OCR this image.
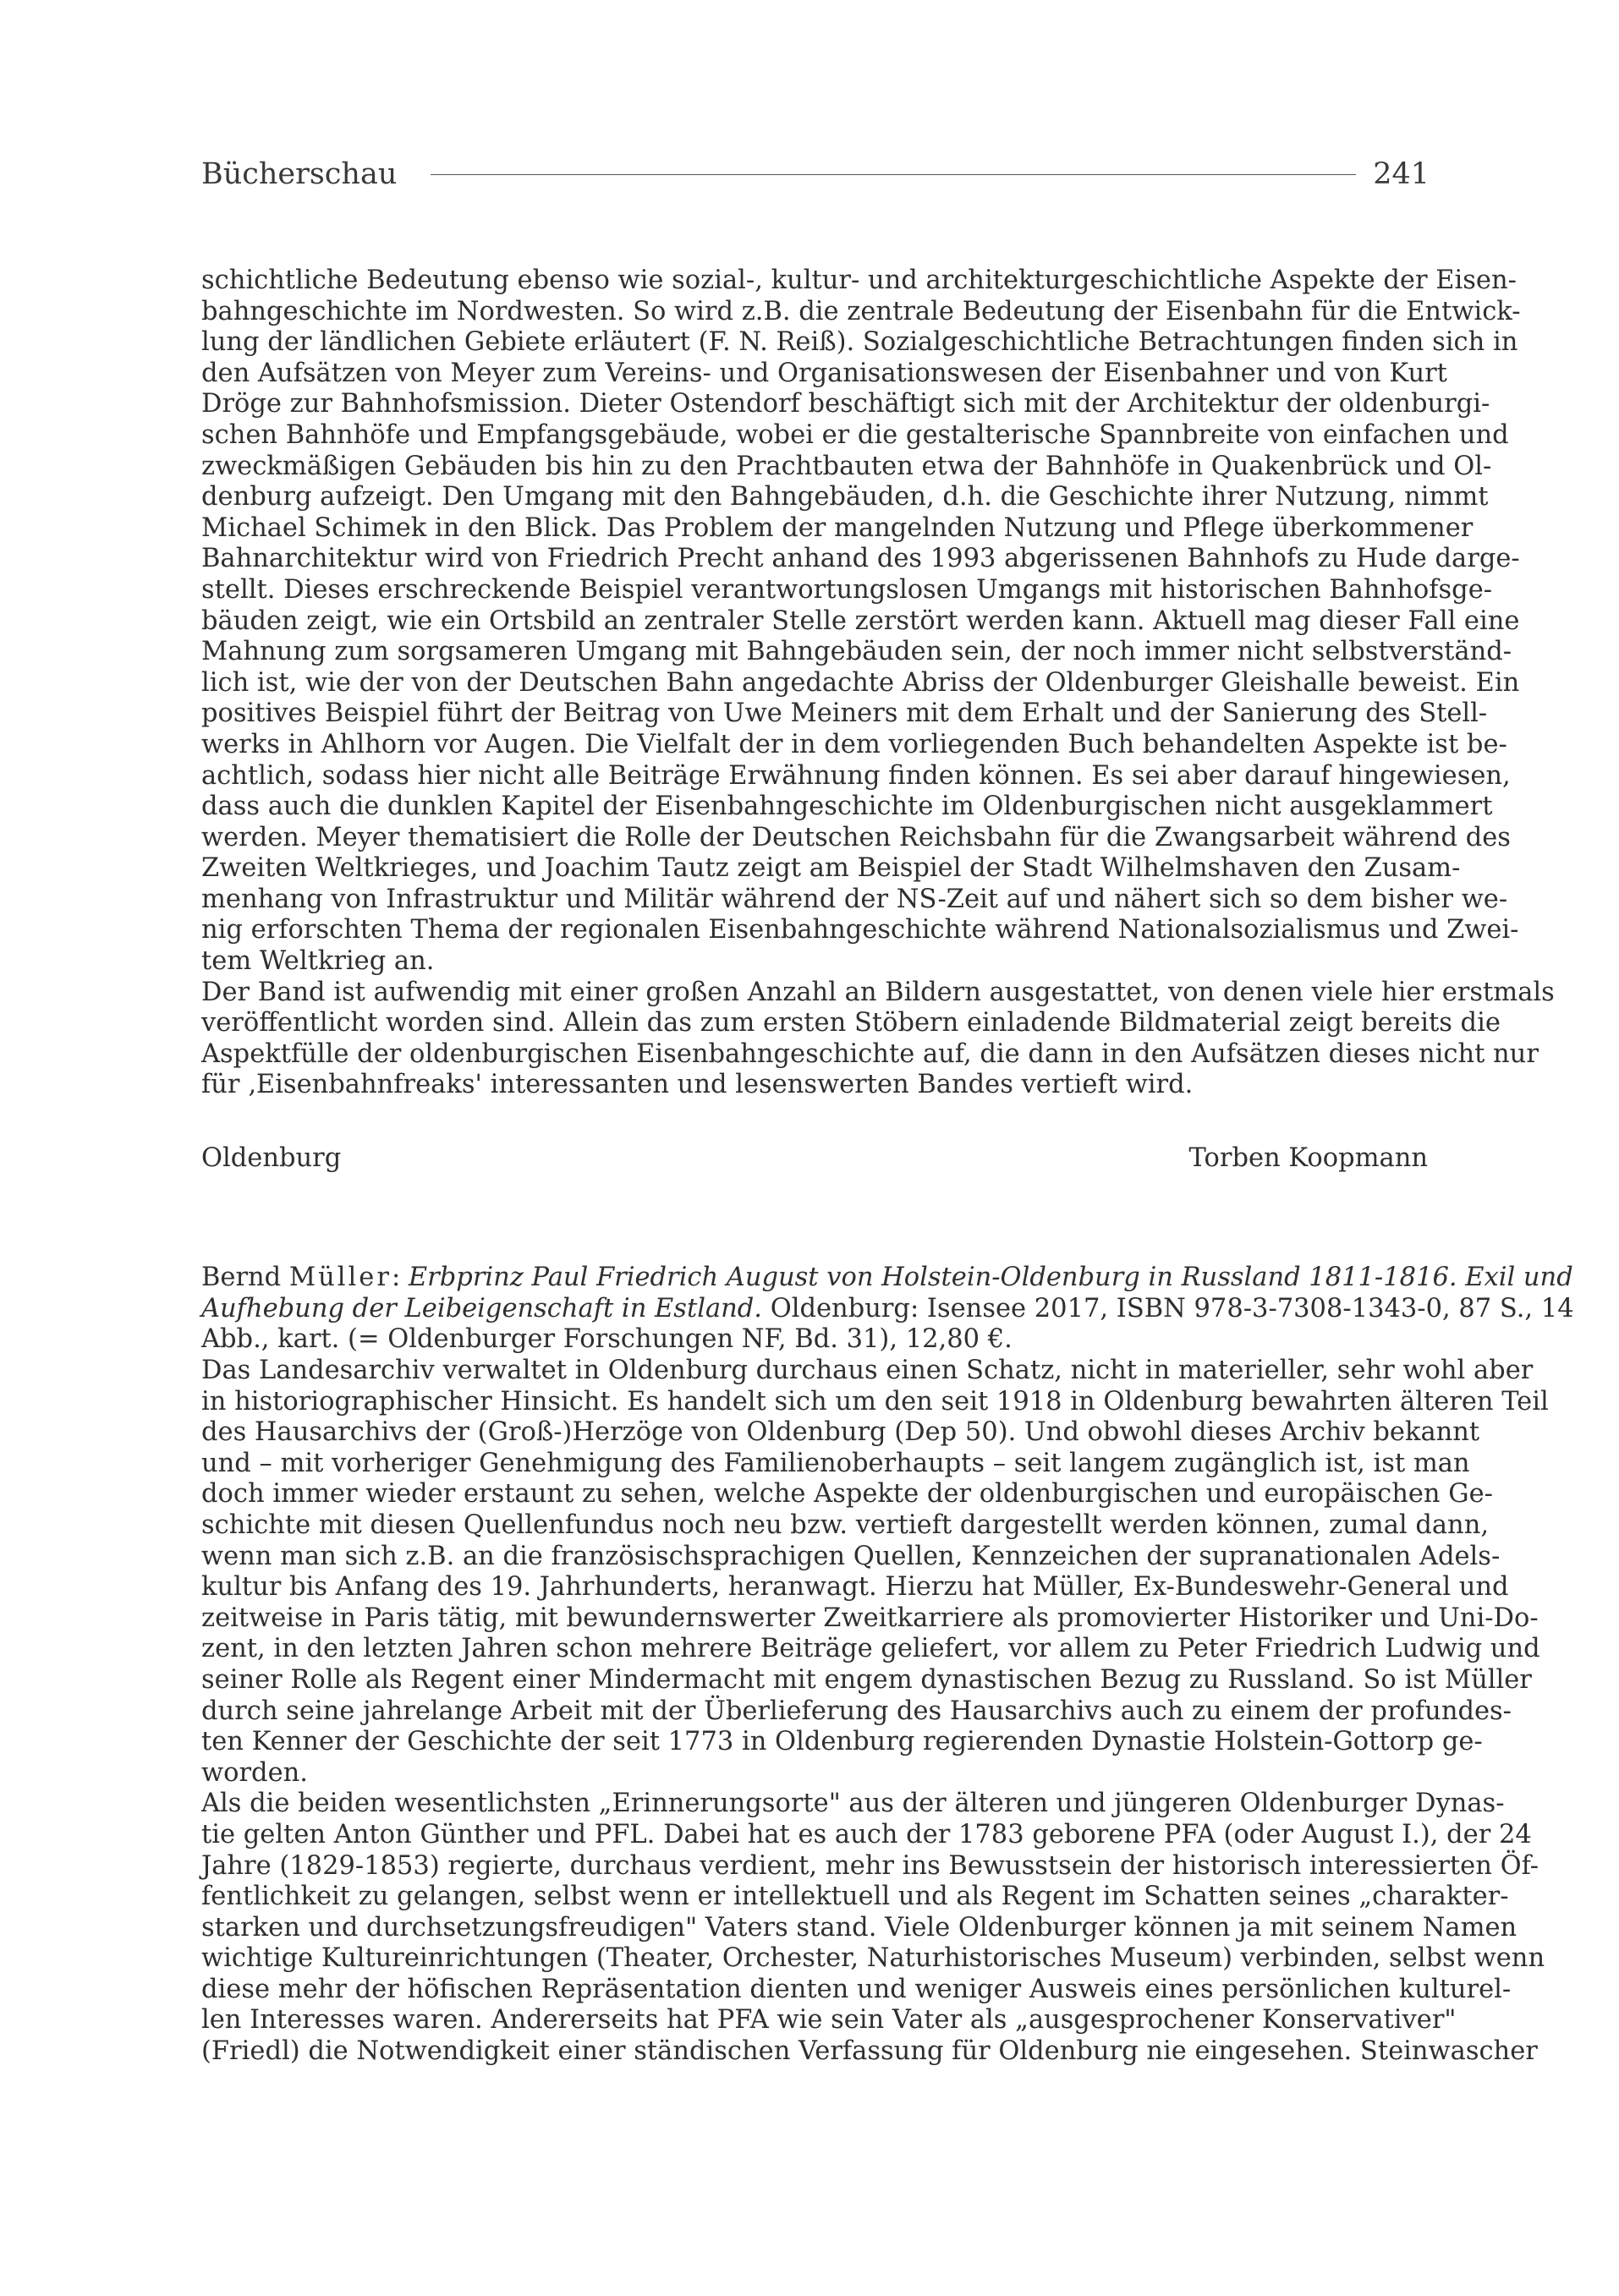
Bücherschau	241
schichtliche Bedeutung ebenso wie sozial-, kultur- und architekturgeschichtliche Aspekte der Eisen-
bahngeschichte im Nordwesten. So wird z.B. die zentrale Bedeutung der Eisenbahn für die Entwick-
lung der ländlichen Gebiete erläutert (F. N. Reiß). Sozialgeschichtliche Betrachtungen finden sich in
den Aufsätzen von Meyer zum Vereins- und Organisationswesen der Eisenbahner und von Kurt
Dröge zur Bahnhofsmission. Dieter Ostendorf beschäftigt sich mit der Architektur der oldenburgi-
schen Bahnhöfe und Empfangsgebäude, wobei er die gestalterische Spannbreite von einfachen und
zweckmäßigen Gebäuden bis hin zu den Prachtbauten etwa der Bahnhöfe in Quakenbrück und Ol-
denburg aufzeigt. Den Umgang mit den Bahngebäuden, d.h. die Geschichte ihrer Nutzung, nimmt
Michael Schimek in den Blick. Das Problem der mangelnden Nutzung und Pflege überkommener
Bahnarchitektur wird von Friedrich Precht anhand des 1993 abgerissenen Bahnhofs zu Hude darge-
stellt. Dieses erschreckende Beispiel verantwortungslosen Umgangs mit historischen Bahnhofsge-
bäuden zeigt, wie ein Ortsbild an zentraler Stelle zerstört werden kann. Aktuell mag dieser Fall eine
Mahnung zum sorgsameren Umgang mit Bahngebäuden sein, der noch immer nicht selbstverständ-
lich ist, wie der von der Deutschen Bahn angedachte Abriss der Oldenburger Gleishalle beweist. Ein
positives Beispiel führt der Beitrag von Uwe Meiners mit dem Erhalt und der Sanierung des Stell-
werks in Ahlhorn vor Augen. Die Vielfalt der in dem vorliegenden Buch behandelten Aspekte ist be-
achtlich, sodass hier nicht alle Beiträge Erwähnung finden können. Es sei aber darauf hingewiesen,
dass auch die dunklen Kapitel der Eisenbahngeschichte im Oldenburgischen nicht ausgeklammert
werden. Meyer thematisiert die Rolle der Deutschen Reichsbahn für die Zwangsarbeit während des
Zweiten Weltkrieges, und Joachim Tautz zeigt am Beispiel der Stadt Wilhelmshaven den Zusam-
menhang von Infrastruktur und Militär während der NS-Zeit auf und nähert sich so dem bisher we-
nig erforschten Thema der regionalen Eisenbahngeschichte während Nationalsozialismus und Zwei-
tem Weltkrieg an.
Der Band ist aufwendig mit einer großen Anzahl an Bildern ausgestattet, von denen viele hier erstmals
veröffentlicht worden sind. Allein das zum ersten Stöbern einladende Bildmaterial zeigt bereits die
Aspektfülle der oldenburgischen Eisenbahngeschichte auf, die dann in den Aufsätzen dieses nicht nur
für ‚Eisenbahnfreaks' interessanten und lesenswerten Bandes vertieft wird.
Oldenburg	Torben Koopmann
Bernd Müller: Erbprinz Paul Friedrich August von Holstein-Oldenburg in Russland 1811-1816. Exil und
Aufhebung der Leibeigenschaft in Estland. Oldenburg: Isensee 2017, ISBN 978-3-7308-1343-0, 87 S., 14
Abb., kart. (= Oldenburger Forschungen NF, Bd. 31), 12,80 €.
Das Landesarchiv verwaltet in Oldenburg durchaus einen Schatz, nicht in materieller, sehr wohl aber
in historiographischer Hinsicht. Es handelt sich um den seit 1918 in Oldenburg bewahrten älteren Teil
des Hausarchivs der (Groß-)Herzöge von Oldenburg (Dep 50). Und obwohl dieses Archiv bekannt
und – mit vorheriger Genehmigung des Familienoberhaupts – seit langem zugänglich ist, ist man
doch immer wieder erstaunt zu sehen, welche Aspekte der oldenburgischen und europäischen Ge-
schichte mit diesen Quellenfundus noch neu bzw. vertieft dargestellt werden können, zumal dann,
wenn man sich z.B. an die französischsprachigen Quellen, Kennzeichen der supranationalen Adels-
kultur bis Anfang des 19. Jahrhunderts, heranwagt. Hierzu hat Müller, Ex-Bundeswehr-General und
zeitweise in Paris tätig, mit bewundernswerter Zweitkarriere als promovierter Historiker und Uni-Do-
zent, in den letzten Jahren schon mehrere Beiträge geliefert, vor allem zu Peter Friedrich Ludwig und
seiner Rolle als Regent einer Mindermacht mit engem dynastischen Bezug zu Russland. So ist Müller
durch seine jahrelange Arbeit mit der Überlieferung des Hausarchivs auch zu einem der profundes-
ten Kenner der Geschichte der seit 1773 in Oldenburg regierenden Dynastie Holstein-Gottorp ge-
worden.
Als die beiden wesentlichsten „Erinnerungsorte" aus der älteren und jüngeren Oldenburger Dynas-
tie gelten Anton Günther und PFL. Dabei hat es auch der 1783 geborene PFA (oder August I.), der 24
Jahre (1829-1853) regierte, durchaus verdient, mehr ins Bewusstsein der historisch interessierten Öf-
fentlichkeit zu gelangen, selbst wenn er intellektuell und als Regent im Schatten seines „charakter-
starken und durchsetzungsfreudigen" Vaters stand. Viele Oldenburger können ja mit seinem Namen
wichtige Kultureinrichtungen (Theater, Orchester, Naturhistorisches Museum) verbinden, selbst wenn
diese mehr der höfischen Repräsentation dienten und weniger Ausweis eines persönlichen kulturel-
len Interesses waren. Andererseits hat PFA wie sein Vater als „ausgesprochener Konservativer"
(Friedl) die Notwendigkeit einer ständischen Verfassung für Oldenburg nie eingesehen. Steinwascher
